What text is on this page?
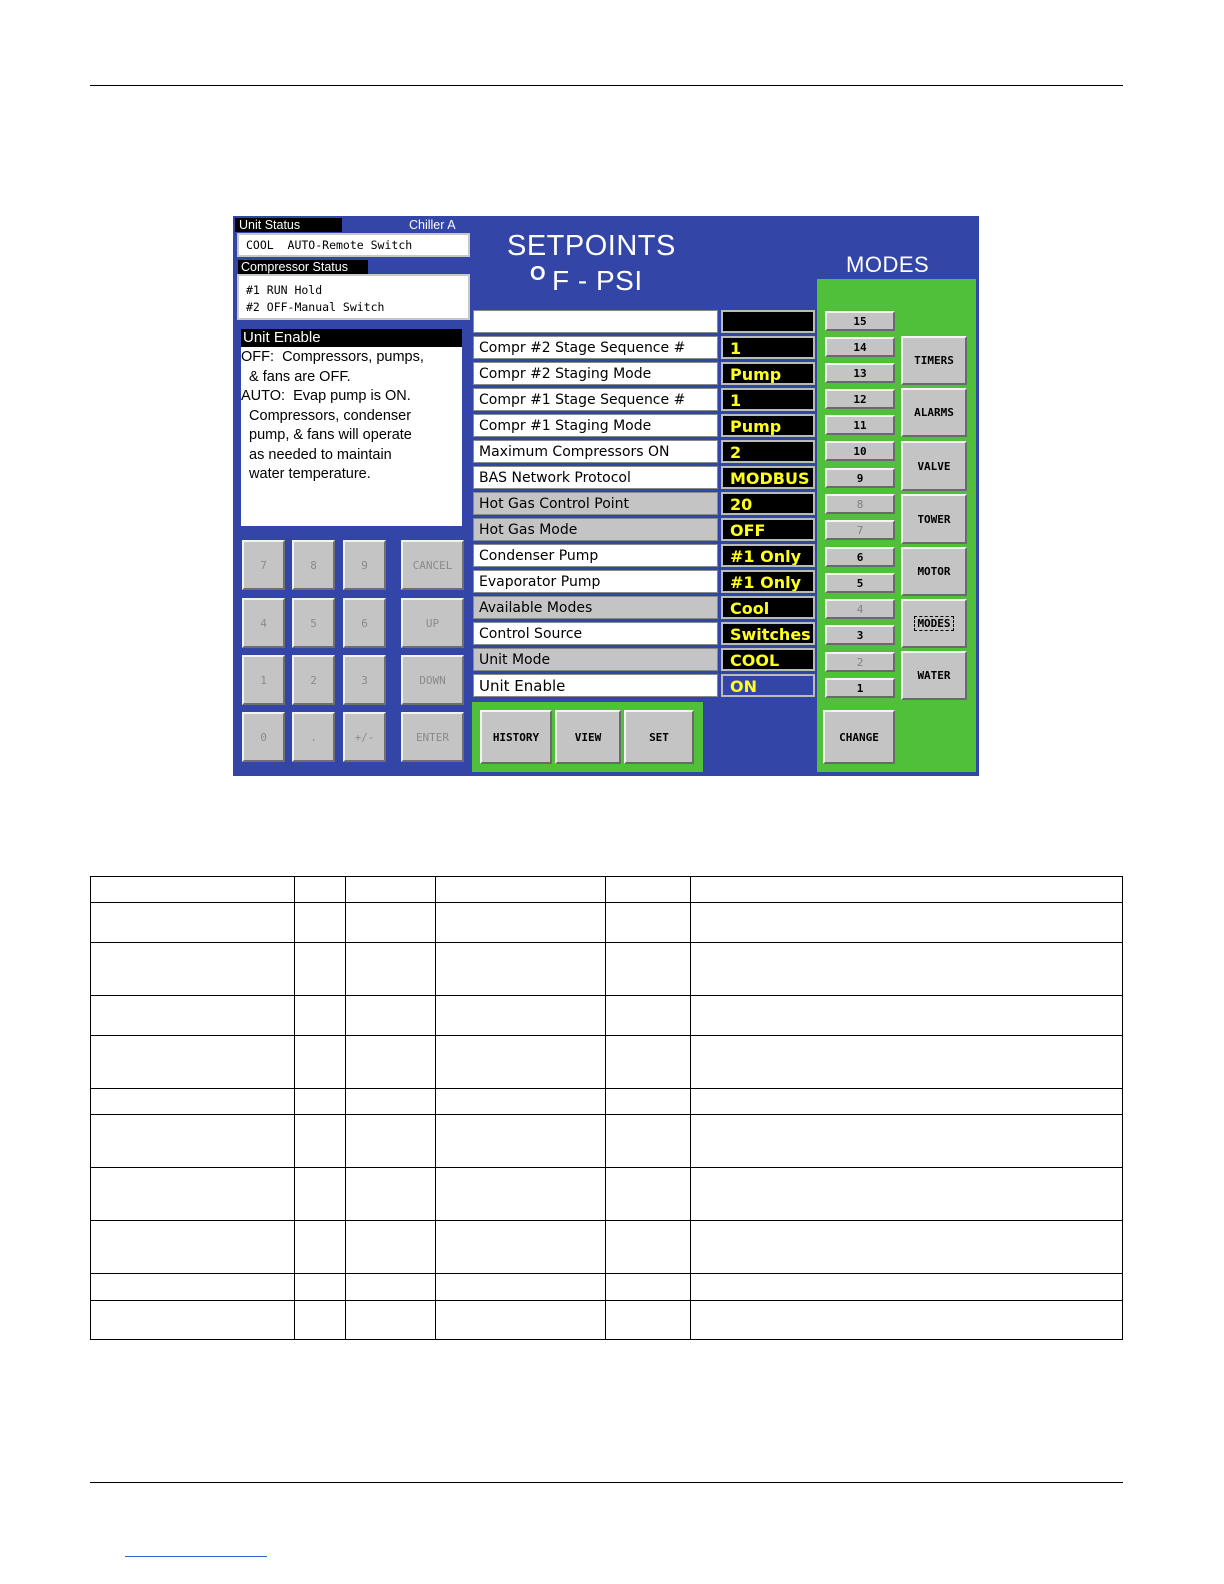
Unit Status	Chiller A
COOL  AUTO-Remote Switch
Compressor Status
#1 RUN Hold
#2 OFF-Manual Switch
Unit Enable
OFF:  Compressors, pumps,
& fans are OFF.
AUTO:  Evap pump is ON.
Compressors, condenser
pump, & fans will operate
as needed to maintain
water temperature.
7	8	9	CANCEL
4	5	6	UP
1	2	3	DOWN
0	.	+/-	ENTER
SETPOINTS
O F - PSI
MODES
Compr #2 Stage Sequence #	1
Compr #2 Staging Mode	Pump
Compr #1 Stage Sequence #	1
Compr #1 Staging Mode	Pump
Maximum Compressors ON	2
BAS Network Protocol	MODBUS
Hot Gas Control Point	20
Hot Gas Mode	OFF
Condenser Pump	#1 Only
Evaporator Pump	#1 Only
Available Modes	Cool
Control Source	Switches
Unit Mode	COOL
Unit Enable	ON
HISTORY	VIEW	SET
15
14
13
12
11
10
9
8
7
6
5
4
3
2
1
CHANGE
TIMERS
ALARMS
VALVE
TOWER
MOTOR
MODES
WATER
